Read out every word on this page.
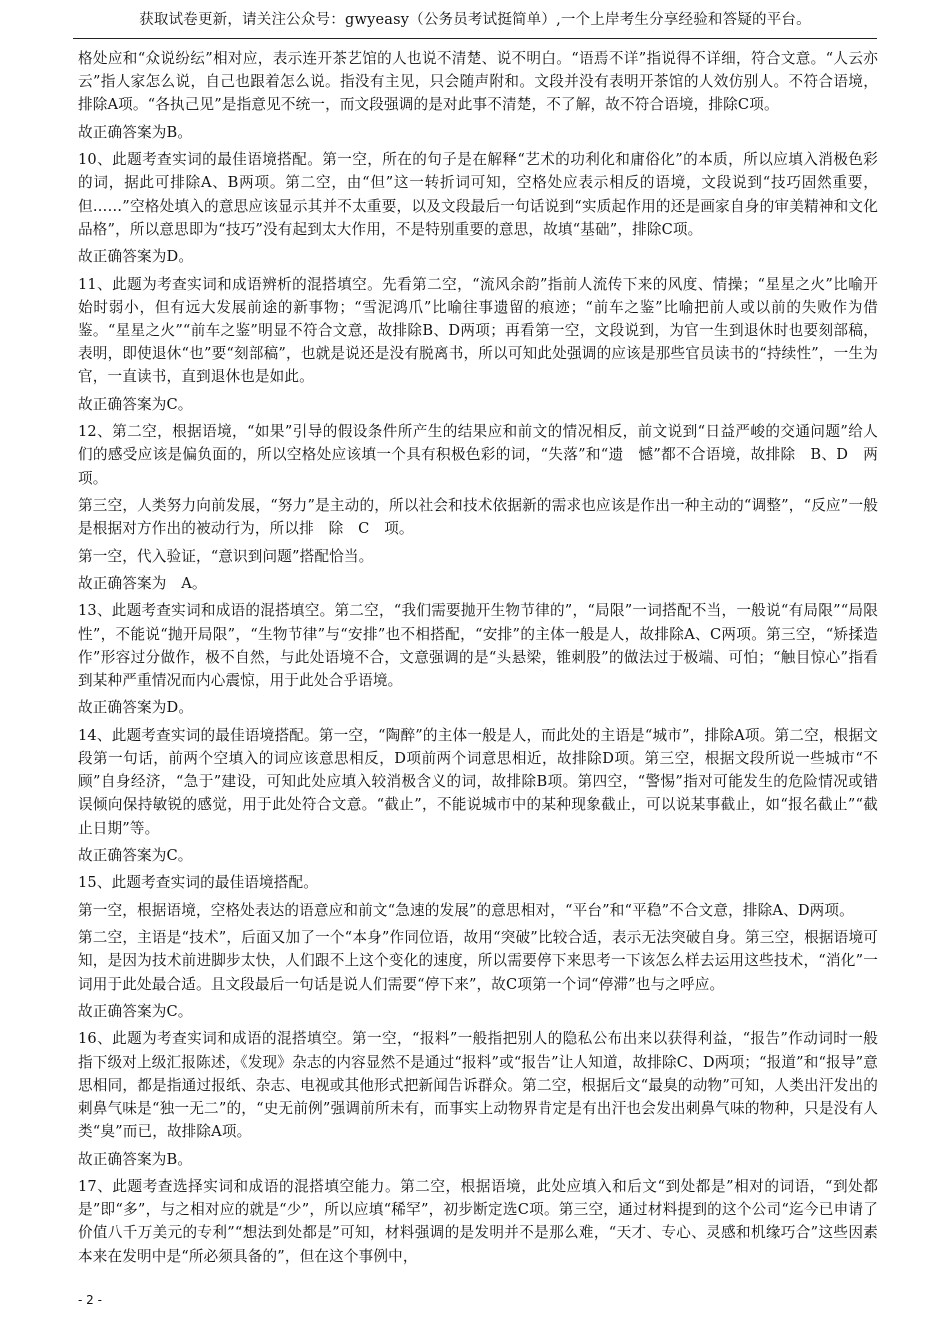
获取试卷更新，请关注公众号：gwyeasy（公务员考试挺简单）,一个上岸考生分享经验和答疑的平台。

格处应和“众说纷纭”相对应，表示连开茶艺馆的人也说不清楚、说不明白。“语焉不详”指说得不详细，符合文意。“人云亦云”指人家怎么说，自己也跟着怎么说。指没有主见，只会随声附和。文段并没有表明开茶馆的人效仿别人。不符合语境，排除A项。“各执己见”是指意见不统一，而文段强调的是对此事不清楚，不了解，故不符合语境，排除C项。

故正确答案为B。

10、此题考查实词的最佳语境搭配。第一空，所在的句子是在解释“艺术的功利化和庸俗化”的本质，所以应填入消极色彩的词，据此可排除A、B两项。第二空，由“但”这一转折词可知，空格处应表示相反的语境，文段说到“技巧固然重要，但……”空格处填入的意思应该显示其并不太重要，以及文段最后一句话说到“实质起作用的还是画家自身的审美精神和文化品格”，所以意思即为“技巧”没有起到太大作用，不是特别重要的意思，故填“基础”，排除C项。

故正确答案为D。

11、此题为考查实词和成语辨析的混搭填空。先看第二空，“流风余韵”指前人流传下来的风度、情操；“星星之火”比喻开始时弱小，但有远大发展前途的新事物；“雪泥鸿爪”比喻往事遗留的痕迹；“前车之鉴”比喻把前人或以前的失败作为借鉴。“星星之火”“前车之鉴”明显不符合文意，故排除B、D两项；再看第一空，文段说到，为官一生到退休时也要刻部稿，表明，即使退休“也”要“刻部稿”，也就是说还是没有脱离书，所以可知此处强调的应该是那些官员读书的“持续性”，一生为官，一直读书，直到退休也是如此。

故正确答案为C。

12、第二空，根据语境，“如果”引导的假设条件所产生的结果应和前文的情况相反，前文说到“日益严峻的交通问题”给人们的感受应该是偏负面的，所以空格处应该填一个具有积极色彩的词，“失落”和“遗　憾”都不合语境，故排除　B、D　两项。

第三空，人类努力向前发展，“努力”是主动的，所以社会和技术依据新的需求也应该是作出一种主动的“调整”，“反应”一般是根据对方作出的被动行为，所以排　除　C　项。

第一空，代入验证，“意识到问题”搭配恰当。

故正确答案为　A。

13、此题考查实词和成语的混搭填空。第二空，“我们需要抛开生物节律的”，“局限”一词搭配不当，一般说“有局限”“局限性”，不能说“抛开局限”，“生物节律”与“安排”也不相搭配，“安排”的主体一般是人，故排除A、C两项。第三空，“矫揉造作”形容过分做作，极不自然，与此处语境不合，文意强调的是“头悬梁，锥刺股”的做法过于极端、可怕；“触目惊心”指看到某种严重情况而内心震惊，用于此处合乎语境。

故正确答案为D。

14、此题考查实词的最佳语境搭配。第一空，“陶醉”的主体一般是人，而此处的主语是“城市”，排除A项。第二空，根据文段第一句话，前两个空填入的词应该意思相反，D项前两个词意思相近，故排除D项。第三空，根据文段所说一些城市“不顾”自身经济，“急于”建设，可知此处应填入较消极含义的词，故排除B项。第四空，“警惕”指对可能发生的危险情况或错误倾向保持敏锐的感觉，用于此处符合文意。“截止”，不能说城市中的某种现象截止，可以说某事截止，如“报名截止”“截止日期”等。

故正确答案为C。

15、此题考查实词的最佳语境搭配。

第一空，根据语境，空格处表达的语意应和前文“急速的发展”的意思相对，“平台”和“平稳”不合文意，排除A、D两项。

第二空，主语是“技术”，后面又加了一个“本身”作同位语，故用“突破”比较合适，表示无法突破自身。第三空，根据语境可知，是因为技术前进脚步太快，人们跟不上这个变化的速度，所以需要停下来思考一下该怎么样去运用这些技术，“消化”一词用于此处最合适。且文段最后一句话是说人们需要“停下来”，故C项第一个词“停滞”也与之呼应。

故正确答案为C。

16、此题为考查实词和成语的混搭填空。第一空，“报料”一般指把别人的隐私公布出来以获得利益，“报告”作动词时一般指下级对上级汇报陈述，《发现》杂志的内容显然不是通过“报料”或“报告”让人知道，故排除C、D两项；“报道”和“报导”意思相同，都是指通过报纸、杂志、电视或其他形式把新闻告诉群众。第二空，根据后文“最臭的动物”可知，人类出汗发出的刺鼻气味是“独一无二”的，“史无前例”强调前所未有，而事实上动物界肯定是有出汗也会发出刺鼻气味的物种，只是没有人类“臭”而已，故排除A项。

故正确答案为B。

17、此题考查选择实词和成语的混搭填空能力。第二空，根据语境，此处应填入和后文“到处都是”相对的词语，“到处都是”即“多”，与之相对应的就是“少”，所以应填“稀罕”，初步断定选C项。第三空，通过材料提到的这个公司“迄今已申请了价值八千万美元的专利”“想法到处都是”可知，材料强调的是发明并不是那么难，“天才、专心、灵感和机缘巧合”这些因素本来在发明中是“所必须具备的”，但在这个事例中，

- 2 -
